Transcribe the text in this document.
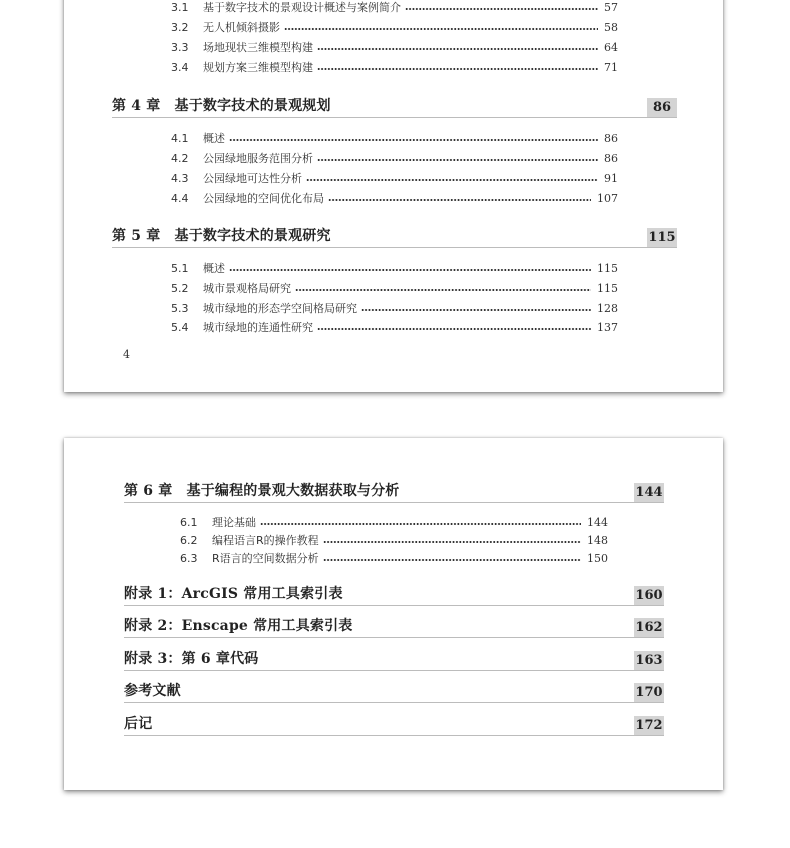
3.1	基于数字技术的景观设计概述与案例简介	57
3.2	无人机倾斜摄影	58
3.3	场地现状三维模型构建	64
3.4	规划方案三维模型构建	71
第 4 章 基于数字技术的景观规划	86
4.1	概述	86
4.2	公园绿地服务范围分析	86
4.3	公园绿地可达性分析	91
4.4	公园绿地的空间优化布局	107
第 5 章 基于数字技术的景观研究	115
5.1	概述	115
5.2	城市景观格局研究	115
5.3	城市绿地的形态学空间格局研究	128
5.4	城市绿地的连通性研究	137
4
第 6 章 基于编程的景观大数据获取与分析	144
6.1	理论基础	144
6.2	编程语言R的操作教程	148
6.3	R语言的空间数据分析	150
附录 1：ArcGIS 常用工具索引表	160
附录 2：Enscape 常用工具索引表	162
附录 3：第 6 章代码	163
参考文献	170
后记	172
